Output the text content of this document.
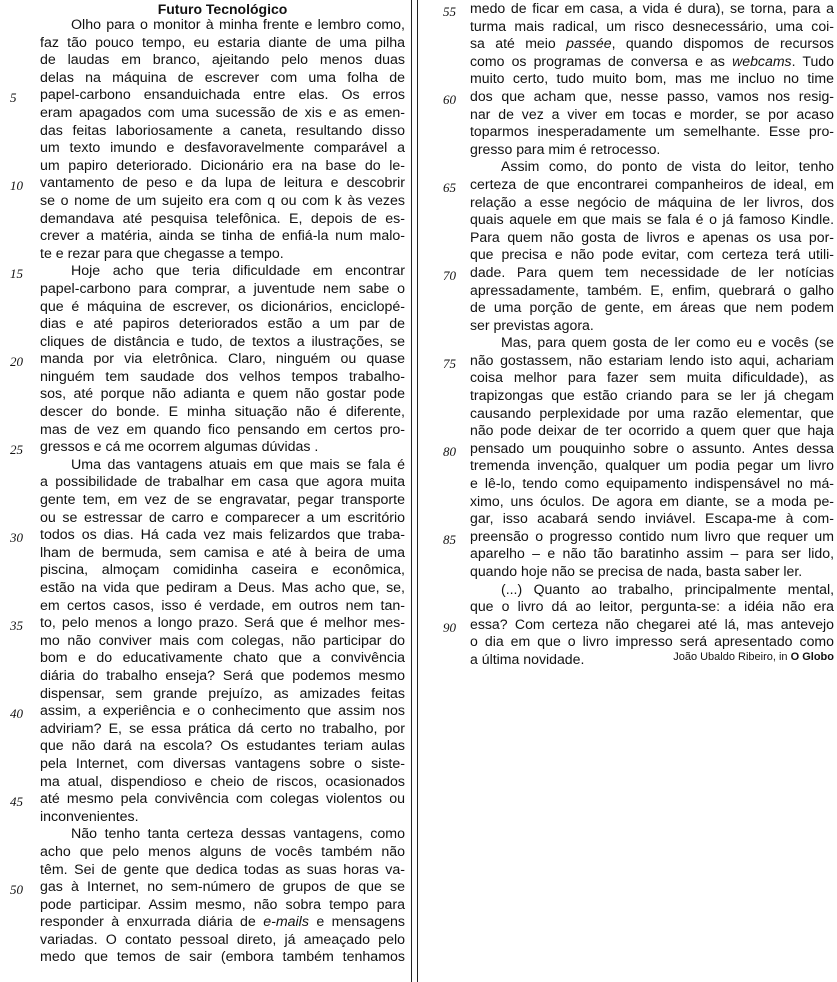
Futuro Tecnológico
Olho para o monitor à minha frente e lembro como,
faz tão pouco tempo, eu estaria diante de uma pilha
de laudas em branco, ajeitando pelo menos duas
delas na máquina de escrever com uma folha de
papel-carbono ensanduichada entre elas. Os erros
eram apagados com uma sucessão de xis e as emen-
das feitas laboriosamente a caneta, resultando disso
um texto imundo e desfavoravelmente comparável a
um papiro deteriorado. Dicionário era na base do le-
vantamento de peso e da lupa de leitura e descobrir
se o nome de um sujeito era com q ou com k às vezes
demandava até pesquisa telefônica. E, depois de es-
crever a matéria, ainda se tinha de enfiá-la num malo-
te e rezar para que chegasse a tempo.
Hoje acho que teria dificuldade em encontrar
papel-carbono para comprar, a juventude nem sabe o
que é máquina de escrever, os dicionários, enciclopé-
dias e até papiros deteriorados estão a um par de
cliques de distância e tudo, de textos a ilustrações, se
manda por via eletrônica. Claro, ninguém ou quase
ninguém tem saudade dos velhos tempos trabalho-
sos, até porque não adianta e quem não gostar pode
descer do bonde. E minha situação não é diferente,
mas de vez em quando fico pensando em certos pro-
gressos e cá me ocorrem algumas dúvidas .
Uma das vantagens atuais em que mais se fala é
a possibilidade de trabalhar em casa que agora muita
gente tem, em vez de se engravatar, pegar transporte
ou se estressar de carro e comparecer a um escritório
todos os dias. Há cada vez mais felizardos que traba-
lham de bermuda, sem camisa e até à beira de uma
piscina, almoçam comidinha caseira e econômica,
estão na vida que pediram a Deus. Mas acho que, se,
em certos casos, isso é verdade, em outros nem tan-
to, pelo menos a longo prazo. Será que é melhor mes-
mo não conviver mais com colegas, não participar do
bom e do educativamente chato que a convivência
diária do trabalho enseja? Será que podemos mesmo
dispensar, sem grande prejuízo, as amizades feitas
assim, a experiência e o conhecimento que assim nos
adviriam? E, se essa prática dá certo no trabalho, por
que não dará na escola? Os estudantes teriam aulas
pela Internet, com diversas vantagens sobre o siste-
ma atual, dispendioso e cheio de riscos, ocasionados
até mesmo pela convivência com colegas violentos ou
inconvenientes.
Não tenho tanta certeza dessas vantagens, como
acho que pelo menos alguns de vocês também não
têm. Sei de gente que dedica todas as suas horas va-
gas à Internet, no sem-número de grupos de que se
pode participar. Assim mesmo, não sobra tempo para
responder à enxurrada diária de e-mails e mensagens
variadas. O contato pessoal direto, já ameaçado pelo
medo que temos de sair (embora também tenhamos
medo de ficar em casa, a vida é dura), se torna, para a
turma mais radical, um risco desnecessário, uma coi-
sa até meio passée, quando dispomos de recursos
como os programas de conversa e as webcams. Tudo
muito certo, tudo muito bom, mas me incluo no time
dos que acham que, nesse passo, vamos nos resig-
nar de vez a viver em tocas e morder, se por acaso
toparmos inesperadamente um semelhante. Esse pro-
gresso para mim é retrocesso.
Assim como, do ponto de vista do leitor, tenho
certeza de que encontrarei companheiros de ideal, em
relação a esse negócio de máquina de ler livros, dos
quais aquele em que mais se fala é o já famoso Kindle.
Para quem não gosta de livros e apenas os usa por-
que precisa e não pode evitar, com certeza terá utili-
dade. Para quem tem necessidade de ler notícias
apressadamente, também. E, enfim, quebrará o galho
de uma porção de gente, em áreas que nem podem
ser previstas agora.
Mas, para quem gosta de ler como eu e vocês (se
não gostassem, não estariam lendo isto aqui, achariam
coisa melhor para fazer sem muita dificuldade), as
trapizongas que estão criando para se ler já chegam
causando perplexidade por uma razão elementar, que
não pode deixar de ter ocorrido a quem quer que haja
pensado um pouquinho sobre o assunto. Antes dessa
tremenda invenção, qualquer um podia pegar um livro
e lê-lo, tendo como equipamento indispensável no má-
ximo, uns óculos. De agora em diante, se a moda pe-
gar, isso acabará sendo inviável. Escapa-me à com-
preensão o progresso contido num livro que requer um
aparelho – e não tão baratinho assim – para ser lido,
quando hoje não se precisa de nada, basta saber ler.
(...) Quanto ao trabalho, principalmente mental,
que o livro dá ao leitor, pergunta-se: a idéia não era
essa? Com certeza não chegarei até lá, mas antevejo
o dia em que o livro impresso será apresentado como
a última novidade.
5
10
15
20
25
30
35
40
45
50
55
60
65
70
75
80
85
90
João Ubaldo Ribeiro, in O Globo
